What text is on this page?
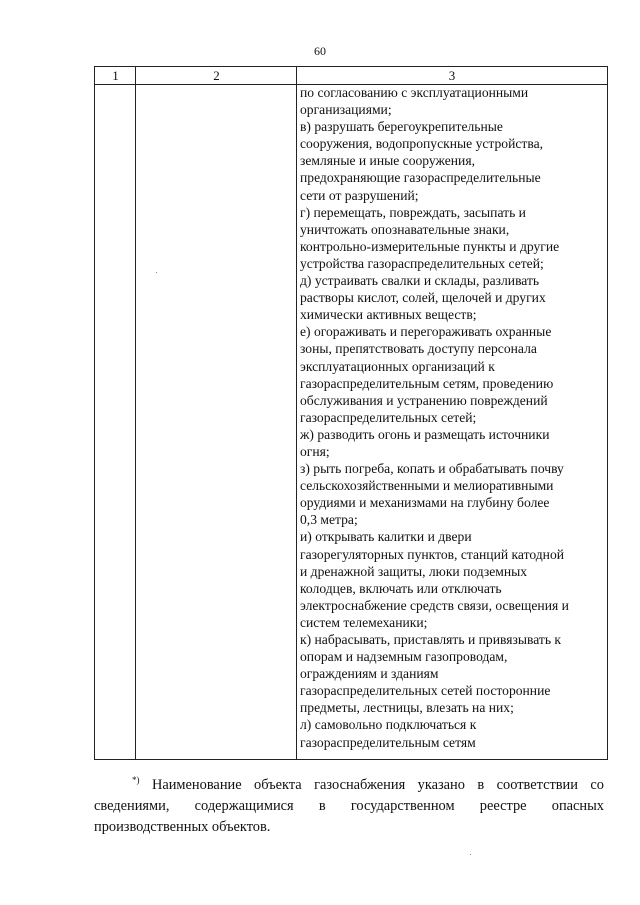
60
1	2	3
по согласованию с эксплуатационными
организациями;
в) разрушать берегоукрепительные
сооружения, водопропускные устройства,
земляные и иные сооружения,
предохраняющие газораспределительные
сети от разрушений;
г) перемещать, повреждать, засыпать и
уничтожать опознавательные знаки,
контрольно-измерительные пункты и другие
устройства газораспределительных сетей;
д) устраивать свалки и склады, разливать
растворы кислот, солей, щелочей и других
химически активных веществ;
е) огораживать и перегораживать охранные
зоны, препятствовать доступу персонала
эксплуатационных организаций к
газораспределительным сетям, проведению
обслуживания и устранению повреждений
газораспределительных сетей;
ж) разводить огонь и размещать источники
огня;
з) рыть погреба, копать и обрабатывать почву
сельскохозяйственными и мелиоративными
орудиями и механизмами на глубину более
0,3 метра;
и) открывать калитки и двери
газорегуляторных пунктов, станций катодной
и дренажной защиты, люки подземных
колодцев, включать или отключать
электроснабжение средств связи, освещения и
систем телемеханики;
к) набрасывать, приставлять и привязывать к
опорам и надземным газопроводам,
ограждениям и зданиям
газораспределительных сетей посторонние
предметы, лестницы, влезать на них;
л) самовольно подключаться к
газораспределительным сетям
*) Наименование объекта газоснабжения указано в соответствии со
сведениями, содержащимися в государственном реестре опасных
производственных объектов.
